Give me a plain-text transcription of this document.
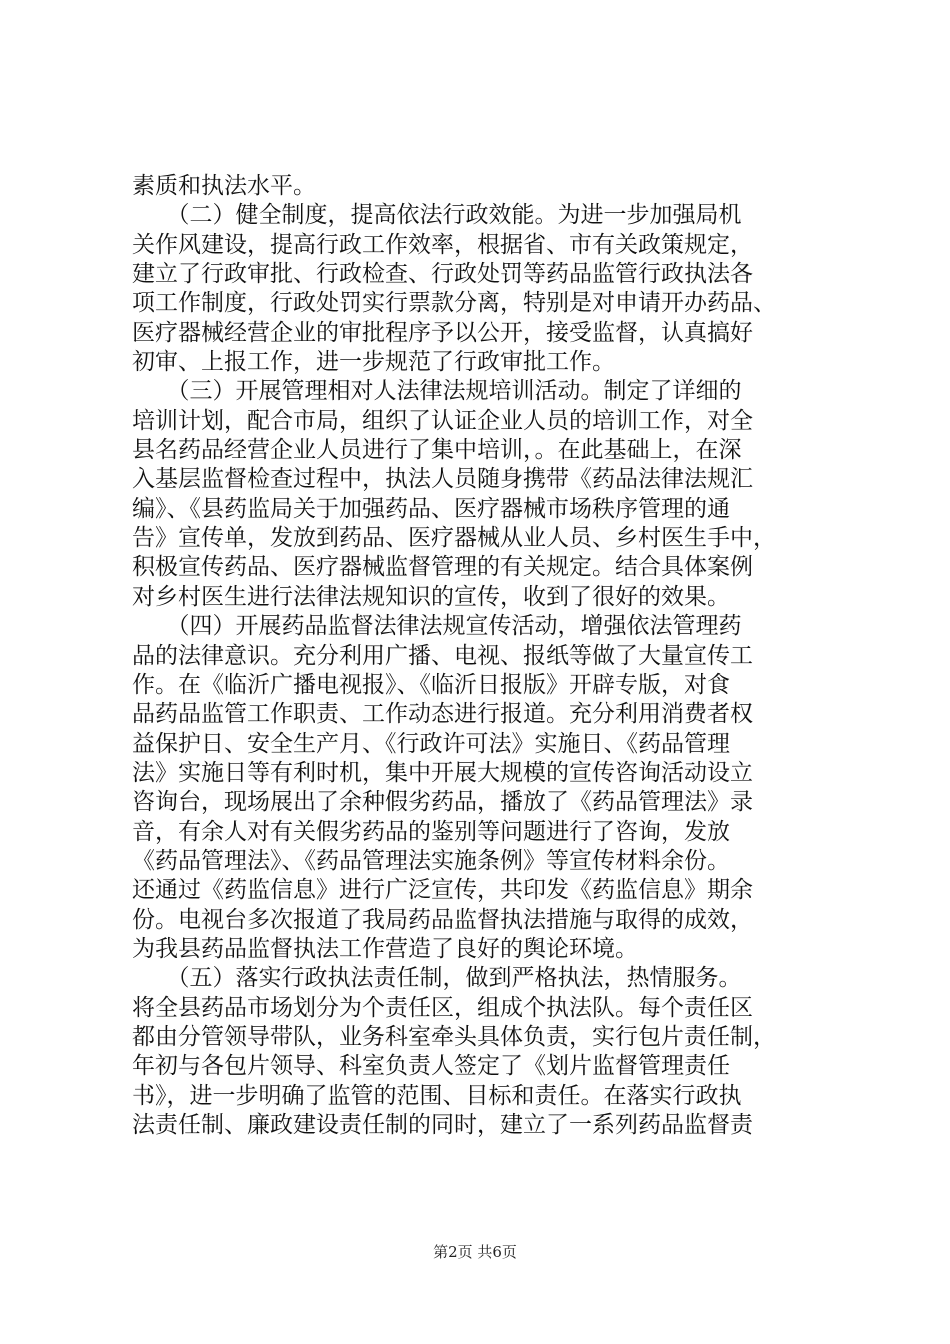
素质和执法水平。
　　（二）健全制度，提高依法行政效能。为进一步加强局机
关作风建设，提高行政工作效率，根据省、市有关政策规定，
建立了行政审批、行政检查、行政处罚等药品监管行政执法各
项工作制度，行政处罚实行票款分离，特别是对申请开办药品、
医疗器械经营企业的审批程序予以公开，接受监督，认真搞好
初审、上报工作，进一步规范了行政审批工作。
　　（三）开展管理相对人法律法规培训活动。制定了详细的
培训计划，配合市局，组织了认证企业人员的培训工作，对全
县名药品经营企业人员进行了集中培训，。在此基础上，在深
入基层监督检查过程中，执法人员随身携带《药品法律法规汇
编》、《县药监局关于加强药品、医疗器械市场秩序管理的通
告》宣传单，发放到药品、医疗器械从业人员、乡村医生手中，
积极宣传药品、医疗器械监督管理的有关规定。结合具体案例
对乡村医生进行法律法规知识的宣传，收到了很好的效果。
　　（四）开展药品监督法律法规宣传活动，增强依法管理药
品的法律意识。充分利用广播、电视、报纸等做了大量宣传工
作。在《临沂广播电视报》、《临沂日报版》开辟专版，对食
品药品监管工作职责、工作动态进行报道。充分利用消费者权
益保护日、安全生产月、《行政许可法》实施日、《药品管理
法》实施日等有利时机，集中开展大规模的宣传咨询活动设立
咨询台，现场展出了余种假劣药品，播放了《药品管理法》录
音，有余人对有关假劣药品的鉴别等问题进行了咨询，发放
《药品管理法》、《药品管理法实施条例》等宣传材料余份。
还通过《药监信息》进行广泛宣传，共印发《药监信息》期余
份。电视台多次报道了我局药品监督执法措施与取得的成效，
为我县药品监督执法工作营造了良好的舆论环境。
　　（五）落实行政执法责任制，做到严格执法，热情服务。
将全县药品市场划分为个责任区，组成个执法队。每个责任区
都由分管领导带队，业务科室牵头具体负责，实行包片责任制，
年初与各包片领导、科室负责人签定了《划片监督管理责任
书》，进一步明确了监管的范围、目标和责任。在落实行政执
法责任制、廉政建设责任制的同时，建立了一系列药品监督责
第2页 共6页
